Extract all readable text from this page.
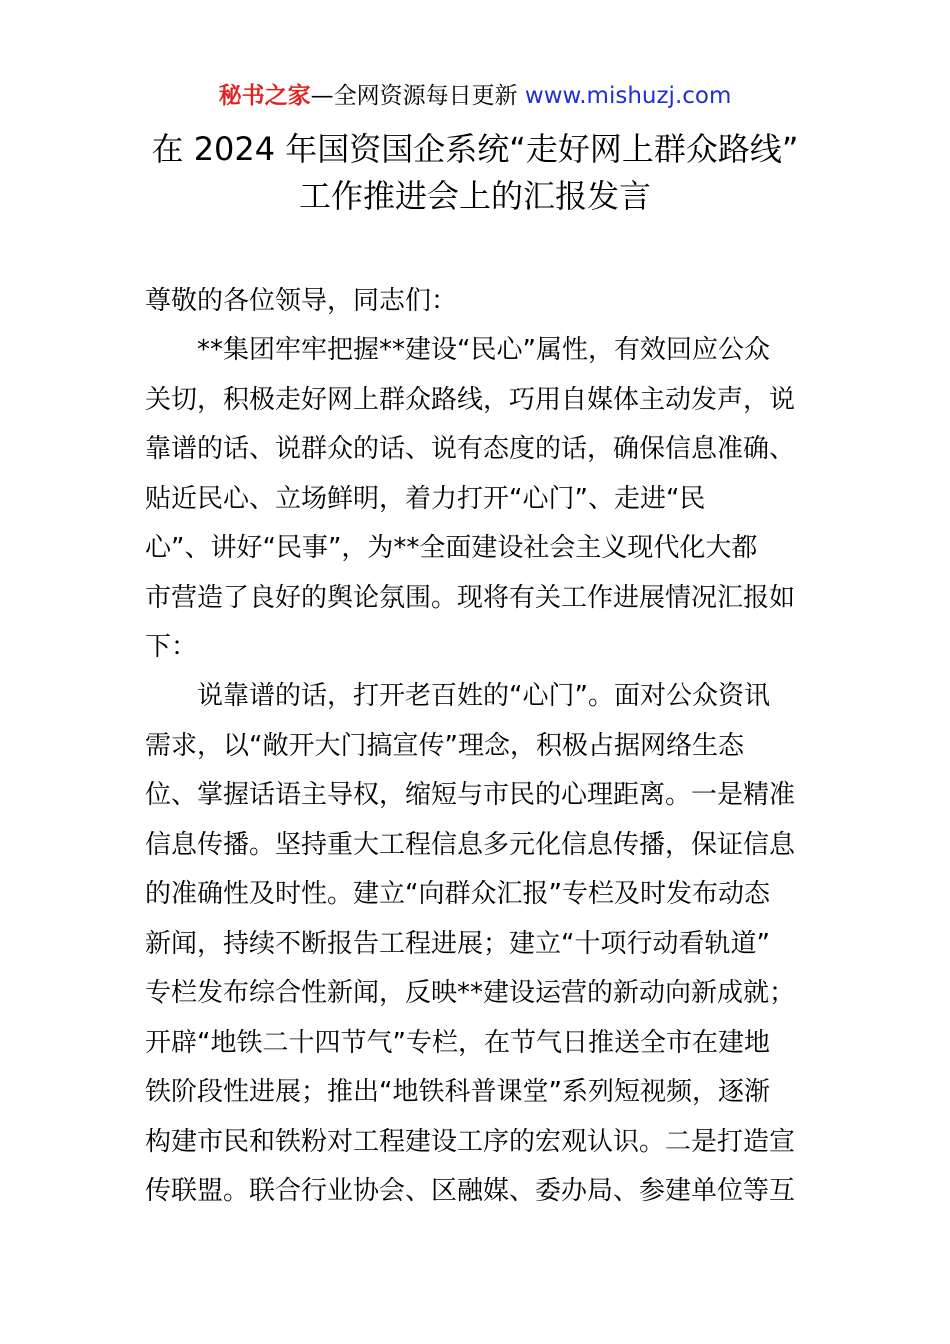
秘书之家—全网资源每日更新 www.mishuzj.com
在 2024 年国资国企系统“走好网上群众路线”
工作推进会上的汇报发言
尊敬的各位领导，同志们：
**集团牢牢把握**建设“民心”属性，有效回应公众
关切，积极走好网上群众路线，巧用自媒体主动发声，说
靠谱的话、说群众的话、说有态度的话，确保信息准确、
贴近民心、立场鲜明，着力打开“心门”、走进“民
心”、讲好“民事”，为**全面建设社会主义现代化大都
市营造了良好的舆论氛围。现将有关工作进展情况汇报如
下：
说靠谱的话，打开老百姓的“心门”。面对公众资讯
需求，以“敞开大门搞宣传”理念，积极占据网络生态
位、掌握话语主导权，缩短与市民的心理距离。一是精准
信息传播。坚持重大工程信息多元化信息传播，保证信息
的准确性及时性。建立“向群众汇报”专栏及时发布动态
新闻，持续不断报告工程进展；建立“十项行动看轨道”
专栏发布综合性新闻，反映**建设运营的新动向新成就；
开辟“地铁二十四节气”专栏，在节气日推送全市在建地
铁阶段性进展；推出“地铁科普课堂”系列短视频，逐渐
构建市民和铁粉对工程建设工序的宏观认识。二是打造宣
传联盟。联合行业协会、区融媒、委办局、参建单位等互
